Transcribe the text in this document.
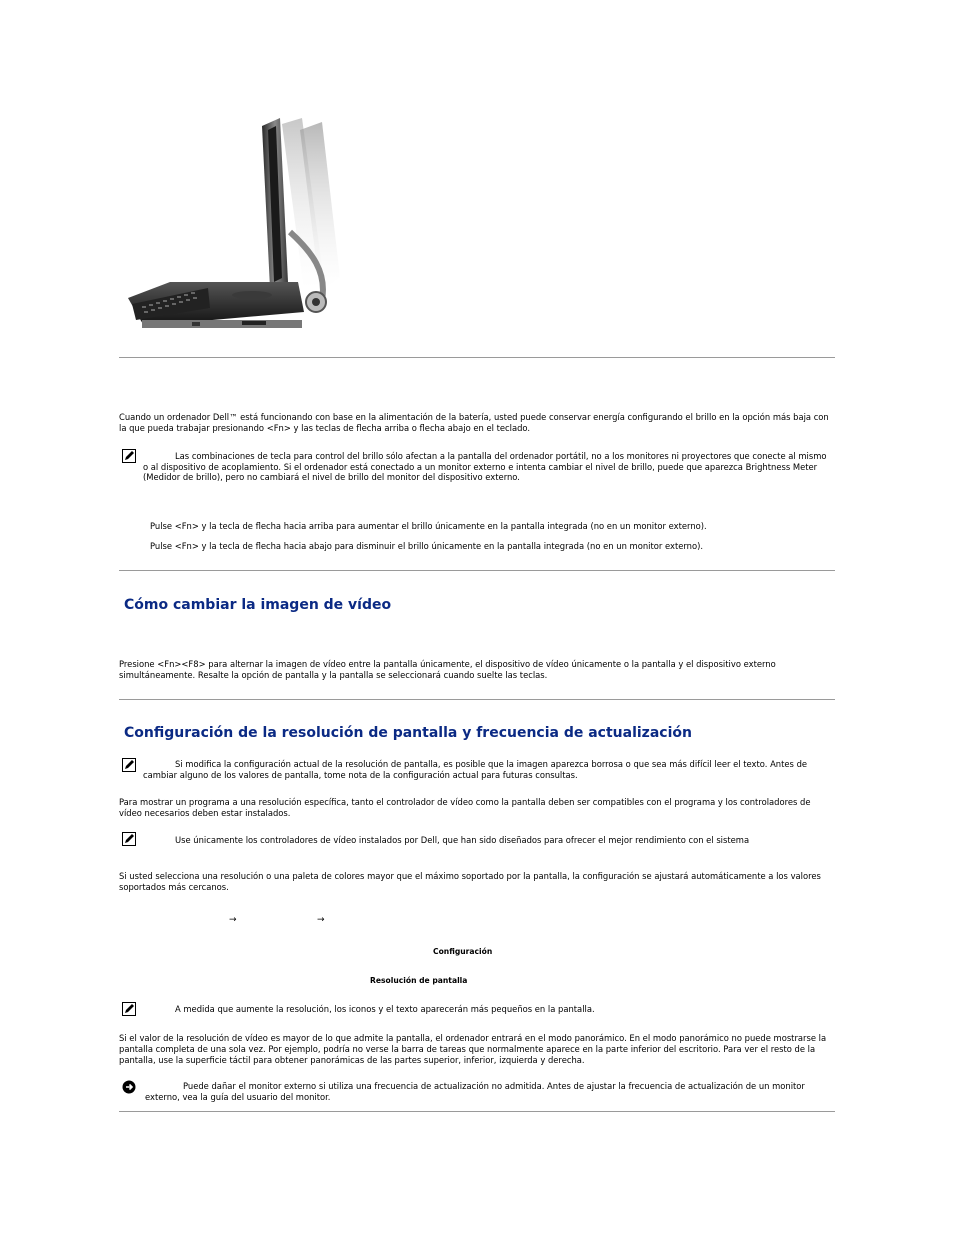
Cuando un ordenador Dell™ está funcionando con base en la alimentación de la batería, usted puede conservar energía configurando el brillo en la opción más baja con la que pueda trabajar presionando <Fn> y las teclas de flecha arriba o flecha abajo en el teclado.
Las combinaciones de tecla para control del brillo sólo afectan a la pantalla del ordenador portátil, no a los monitores ni proyectores que conecte al mismo o al dispositivo de acoplamiento. Si el ordenador está conectado a un monitor externo e intenta cambiar el nivel de brillo, puede que aparezca Brightness Meter (Medidor de brillo), pero no cambiará el nivel de brillo del monitor del dispositivo externo.
Pulse <Fn> y la tecla de flecha hacia arriba para aumentar el brillo únicamente en la pantalla integrada (no en un monitor externo).
Pulse <Fn> y la tecla de flecha hacia abajo para disminuir el brillo únicamente en la pantalla integrada (no en un monitor externo).
Cómo cambiar la imagen de vídeo
Presione <Fn><F8> para alternar la imagen de vídeo entre la pantalla únicamente, el dispositivo de vídeo únicamente o la pantalla y el dispositivo externo simultáneamente. Resalte la opción de pantalla y la pantalla se seleccionará cuando suelte las teclas.
Configuración de la resolución de pantalla y frecuencia de actualización
Si modifica la configuración actual de la resolución de pantalla, es posible que la imagen aparezca borrosa o que sea más difícil leer el texto. Antes de cambiar alguno de los valores de pantalla, tome nota de la configuración actual para futuras consultas.
Para mostrar un programa a una resolución específica, tanto el controlador de vídeo como la pantalla deben ser compatibles con el programa y los controladores de vídeo necesarios deben estar instalados.
Use únicamente los controladores de vídeo instalados por Dell, que han sido diseñados para ofrecer el mejor rendimiento con el sistema
Si usted selecciona una resolución o una paleta de colores mayor que el máximo soportado por la pantalla, la configuración se ajustará automáticamente a los valores soportados más cercanos.
→	→
Configuración
Resolución de pantalla
A medida que aumente la resolución, los iconos y el texto aparecerán más pequeños en la pantalla.
Si el valor de la resolución de vídeo es mayor de lo que admite la pantalla, el ordenador entrará en el modo panorámico. En el modo panorámico no puede mostrarse la pantalla completa de una sola vez. Por ejemplo, podría no verse la barra de tareas que normalmente aparece en la parte inferior del escritorio. Para ver el resto de la pantalla, use la superficie táctil para obtener panorámicas de las partes superior, inferior, izquierda y derecha.
Puede dañar el monitor externo si utiliza una frecuencia de actualización no admitida. Antes de ajustar la frecuencia de actualización de un monitor externo, vea la guía del usuario del monitor.
